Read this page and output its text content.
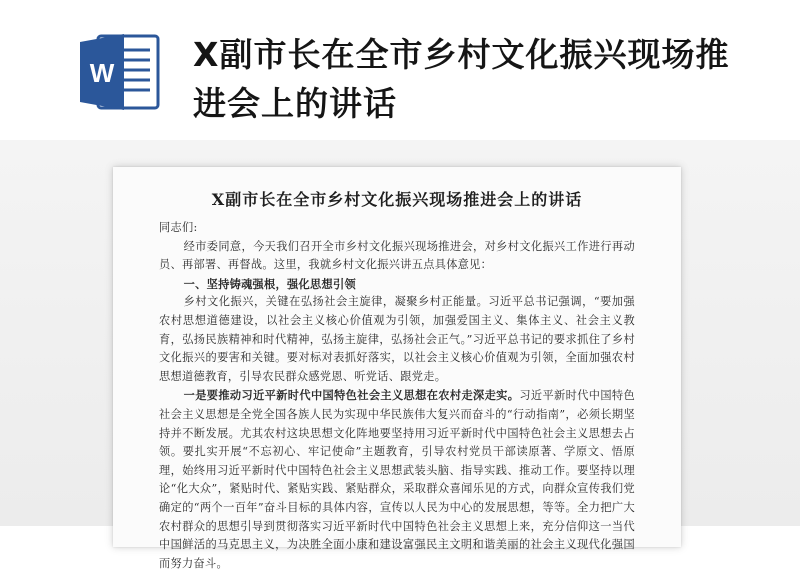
W X副市长在全市乡村文化振兴现场推进会上的讲话
X副市长在全市乡村文化振兴现场推进会上的讲话

同志们:

经市委同意，今天我们召开全市乡村文化振兴现场推进会，对乡村文化振兴工作进行再动员、再部署、再督战。这里，我就乡村文化振兴讲五点具体意见：

一、坚持铸魂强根，强化思想引领

乡村文化振兴，关键在弘扬社会主旋律，凝聚乡村正能量。习近平总书记强调，“要加强农村思想道德建设，以社会主义核心价值观为引领，加强爱国主义、集体主义、社会主义教育，弘扬民族精神和时代精神，弘扬主旋律，弘扬社会正气。”习近平总书记的要求抓住了乡村文化振兴的要害和关键。要对标对表抓好落实，以社会主义核心价值观为引领，全面加强农村思想道德教育，引导农民群众感党恩、听党话、跟党走。

一是要推动习近平新时代中国特色社会主义思想在农村走深走实。习近平新时代中国特色社会主义思想是全党全国各族人民为实现中华民族伟大复兴而奋斗的“行动指南”，必须长期坚持并不断发展。尤其农村这块思想文化阵地要坚持用习近平新时代中国特色社会主义思想去占领。要扎实开展“不忘初心、牢记使命”主题教育，引导农村党员干部读原著、学原文、悟原理，始终用习近平新时代中国特色社会主义思想武装头脑、指导实践、推动工作。要坚持以理论“化大众”，紧贴时代、紧贴实践、紧贴群众，采取群众喜闻乐见的方式，向群众宣传我们党确定的“两个一百年”奋斗目标的具体内容，宣传以人民为中心的发展思想，等等。全力把广大农村群众的思想引导到贯彻落实习近平新时代中国特色社会主义思想上来，充分信仰这一当代中国鲜活的马克思主义，为决胜全面小康和建设富强民主文明和谐美丽的社会主义现代化强国而努力奋斗。
